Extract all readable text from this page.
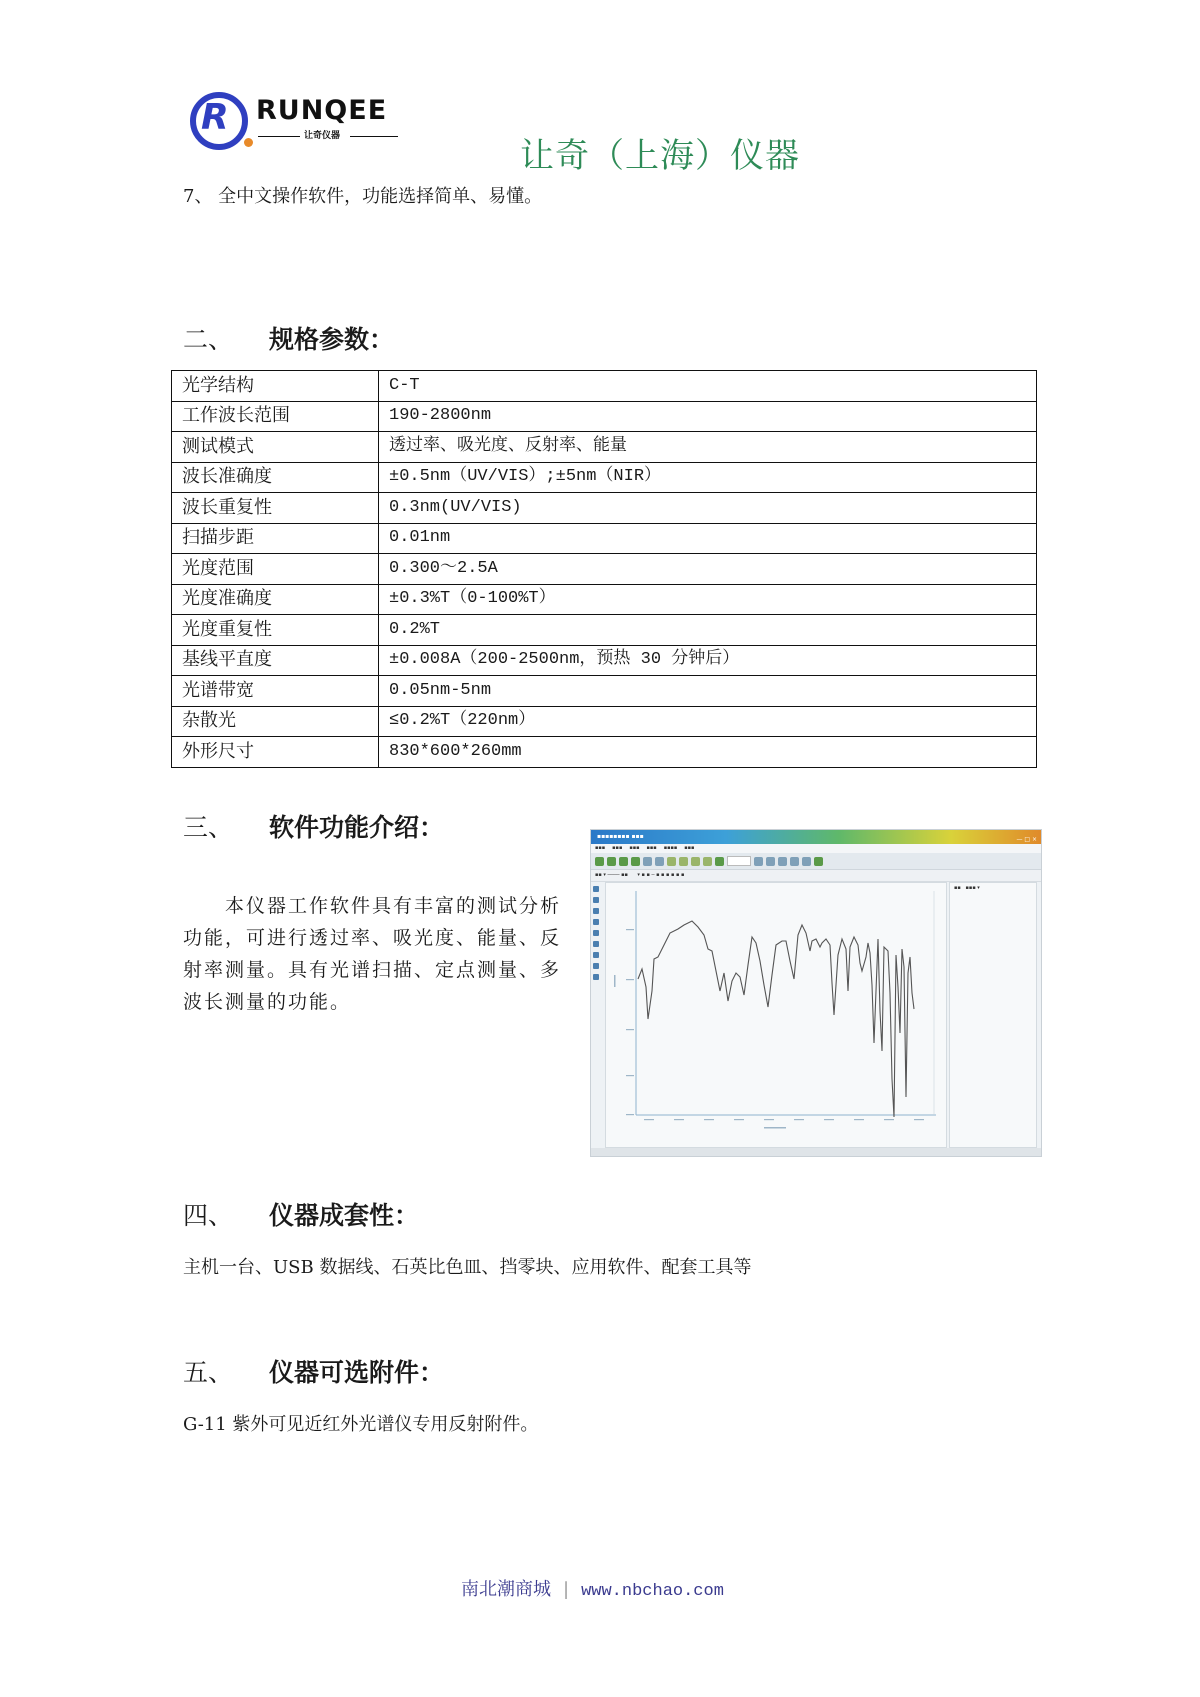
R RUNQEE
让奇仪器	让奇（上海）仪器
7、 全中文操作软件，功能选择简单、易懂。
二、 规格参数：
光学结构	C-T
工作波长范围	190-2800nm
测试模式	透过率、吸光度、反射率、能量
波长准确度	±0.5nm（UV/VIS）;±5nm（NIR）
波长重复性	0.3nm(UV/VIS)
扫描步距	0.01nm
光度范围	0.300～2.5A
光度准确度	±0.3%T（0-100%T）
光度重复性	0.2%T
基线平直度	±0.008A（200-2500nm，预热 30 分钟后）
光谱带宽	0.05nm-5nm
杂散光	≤0.2%T（220nm）
外形尺寸	830*600*260mm
三、 软件功能介绍：
本仪器工作软件具有丰富的测试分析功能，可进行透过率、吸光度、能量、反射率测量。具有光谱扫描、定点测量、多波长测量的功能。
▪▪▪▪▪▪▪▪ ▪▪▪	— □ ×
▪▪▪ ▪▪▪ ▪▪▪ ▪▪▪ ▪▪▪▪ ▪▪▪
▪▪ ▾ ──── ▪▪      ▾ ▪ ▪ ─ ▪ ▪ ▪ ▪ ▪ ▪
▪▪   ▪▪▪ ▾
四、 仪器成套性：
主机一台、USB 数据线、石英比色皿、挡零块、应用软件、配套工具等
五、 仪器可选附件：
G-11 紫外可见近红外光谱仪专用反射附件。
南北潮商城 | www.nbchao.com
